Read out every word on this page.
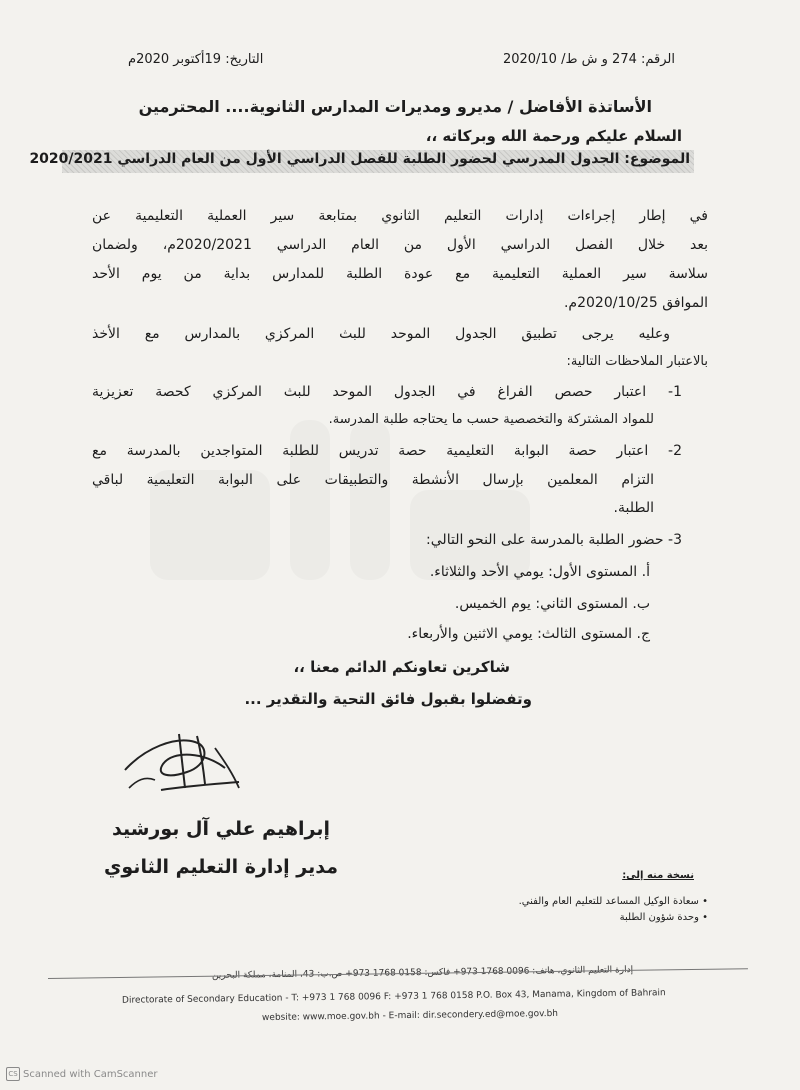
الرقم: 274 و ش ط/ 2020/10
التاريخ: 19أكتوبر 2020م
الأساتذة الأفاضل / مديرو ومديرات المدارس الثانوية.... المحترمين
السلام عليكم ورحمة الله وبركاته ،،
الموضوع: الجدول المدرسي لحضور الطلبة للفصل الدراسي الأول من العام الدراسي 2020/2021
في إطار إجراءات إدارات التعليم الثانوي بمتابعة سير العملية التعليمية عن
بعد خلال الفصل الدراسي الأول من العام الدراسي 2020/2021م، ولضمان
سلاسة سير العملية التعليمية مع عودة الطلبة للمدارس بداية من يوم الأحد
الموافق 2020/10/25م.
وعليه يرجى تطبيق الجدول الموحد للبث المركزي بالمدارس مع الأخذ
بالاعتبار الملاحظات التالية:
1- اعتبار حصص الفراغ في الجدول الموحد للبث المركزي كحصة تعزيزية
للمواد المشتركة والتخصصية حسب ما يحتاجه طلبة المدرسة.
2- اعتبار حصة البوابة التعليمية حصة تدريس للطلبة المتواجدين بالمدرسة مع
التزام المعلمين بإرسال الأنشطة والتطبيقات على البوابة التعليمية لباقي
الطلبة.
3- حضور الطلبة بالمدرسة على النحو التالي:
أ. المستوى الأول: يومي الأحد والثلاثاء.
ب. المستوى الثاني: يوم الخميس.
ج. المستوى الثالث: يومي الاثنين والأربعاء.
شاكرين تعاونكم الدائم معنا ،،
وتفضلوا بقبول فائق التحية والتقدير ...
إبراهيم علي آل بورشيد
مدير إدارة التعليم الثانوي	نسخة منه إلى:
• سعادة الوكيل المساعد للتعليم العام والفني.
• وحدة شؤون الطلبة
إدارة التعليم الثانوي، هاتف: 0096 1768 973+ فاكس: 0158 1768 973+ ص.ب: 43، المنامة، مملكة البحرين
Directorate of Secondary Education - T: +973 1 768 0096 F: +973 1 768 0158 P.O. Box 43, Manama, Kingdom of Bahrain
website: www.moe.gov.bh - E-mail: dir.secondery.ed@moe.gov.bh
CS Scanned with CamScanner
